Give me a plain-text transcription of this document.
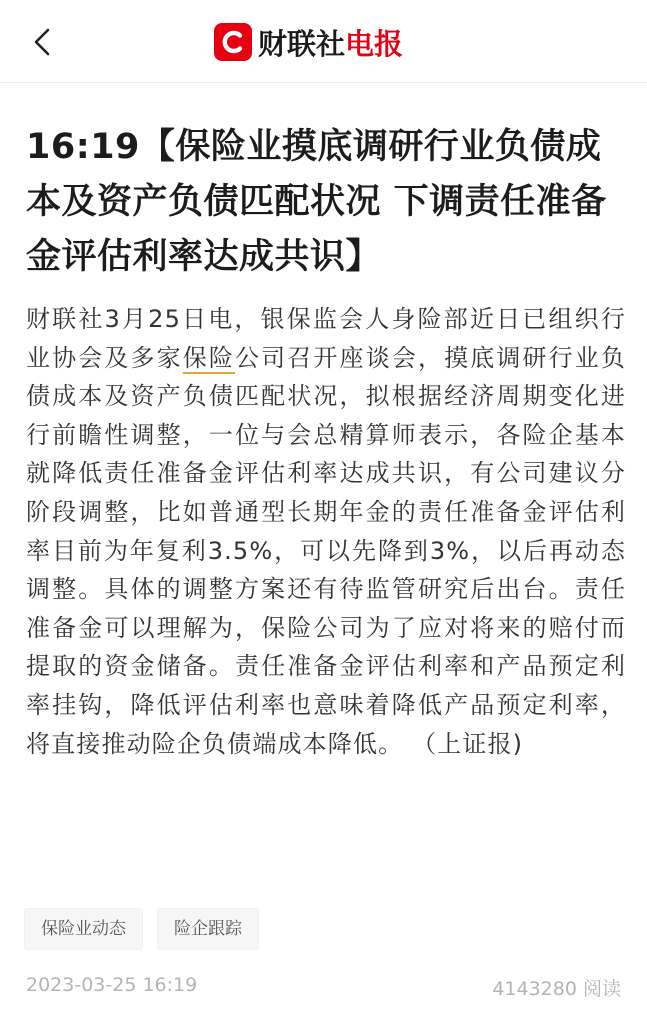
财联社电报
16:19【保险业摸底调研行业负债成本及资产负债匹配状况 下调责任准备金评估利率达成共识】

财联社3月25日电，银保监会人身险部近日已组织行业协会及多家保险公司召开座谈会，摸底调研行业负债成本及资产负债匹配状况，拟根据经济周期变化进行前瞻性调整，一位与会总精算师表示，各险企基本就降低责任准备金评估利率达成共识，有公司建议分阶段调整，比如普通型长期年金的责任准备金评估利率目前为年复利3.5%，可以先降到3%，以后再动态调整。具体的调整方案还有待监管研究后出台。责任准备金可以理解为，保险公司为了应对将来的赔付而提取的资金储备。责任准备金评估利率和产品预定利率挂钩，降低评估利率也意味着降低产品预定利率，将直接推动险企负债端成本降低。 （上证报)

保险业动态	险企跟踪
2023-03-25 16:19	4143280 阅读
